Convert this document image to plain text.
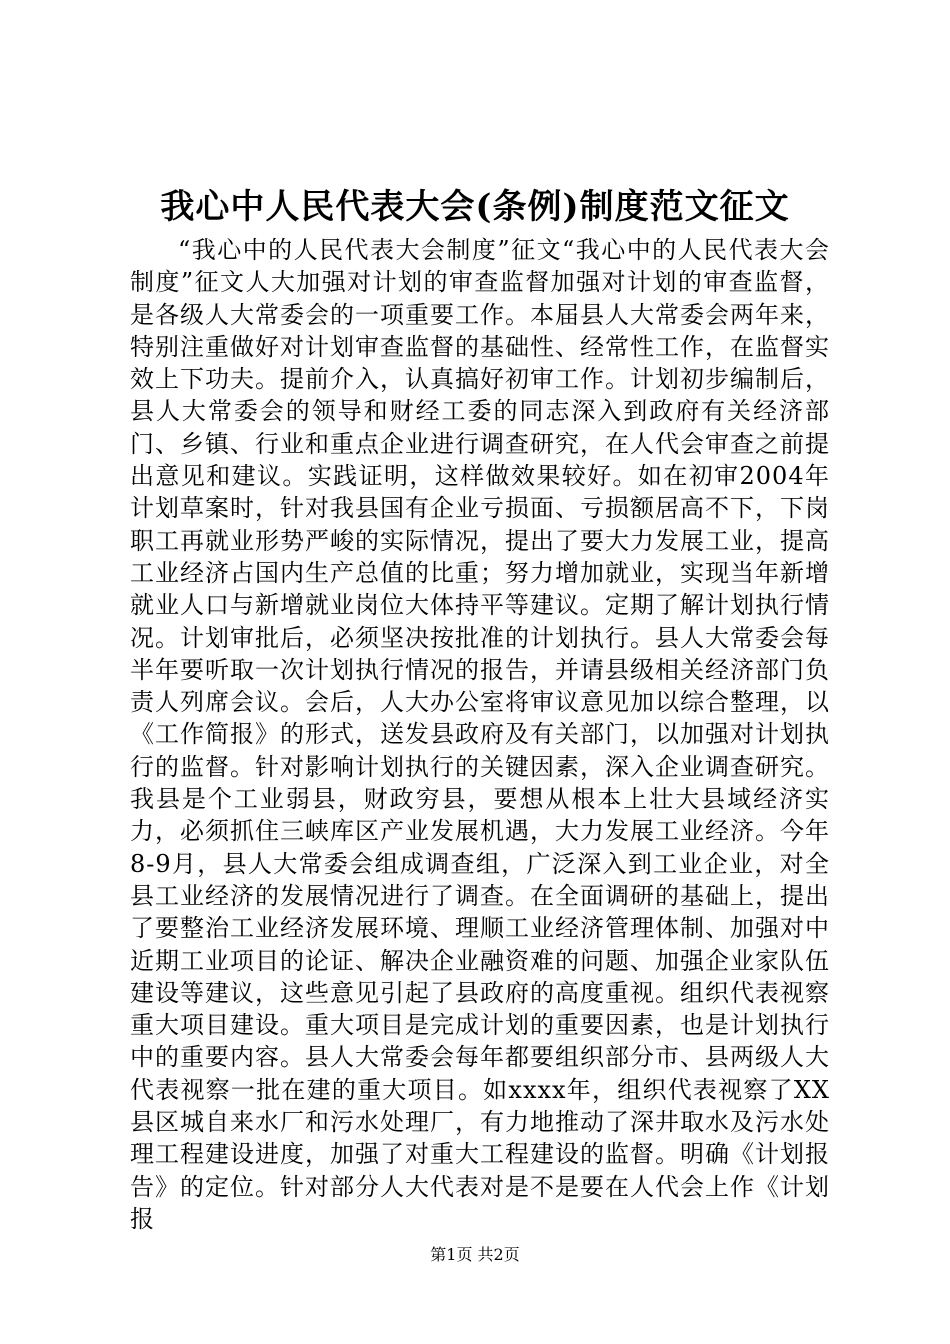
我心中人民代表大会(条例)制度范文征文

“我心中的人民代表大会制度”征文“我心中的人民代表大会制度”征文人大加强对计划的审查监督加强对计划的审查监督，是各级人大常委会的一项重要工作。本届县人大常委会两年来，特别注重做好对计划审查监督的基础性、经常性工作，在监督实效上下功夫。提前介入，认真搞好初审工作。计划初步编制后，县人大常委会的领导和财经工委的同志深入到政府有关经济部门、乡镇、行业和重点企业进行调查研究，在人代会审查之前提出意见和建议。实践证明，这样做效果较好。如在初审2004年计划草案时，针对我县国有企业亏损面、亏损额居高不下，下岗职工再就业形势严峻的实际情况，提出了要大力发展工业，提高工业经济占国内生产总值的比重；努力增加就业，实现当年新增就业人口与新增就业岗位大体持平等建议。定期了解计划执行情况。计划审批后，必须坚决按批准的计划执行。县人大常委会每半年要听取一次计划执行情况的报告，并请县级相关经济部门负责人列席会议。会后，人大办公室将审议意见加以综合整理，以《工作简报》的形式，送发县政府及有关部门，以加强对计划执行的监督。针对影响计划执行的关键因素，深入企业调查研究。我县是个工业弱县，财政穷县，要想从根本上壮大县域经济实力，必须抓住三峡库区产业发展机遇，大力发展工业经济。今年8-9月，县人大常委会组成调查组，广泛深入到工业企业，对全县工业经济的发展情况进行了调查。在全面调研的基础上，提出了要整治工业经济发展环境、理顺工业经济管理体制、加强对中近期工业项目的论证、解决企业融资难的问题、加强企业家队伍建设等建议，这些意见引起了县政府的高度重视。组织代表视察重大项目建设。重大项目是完成计划的重要因素，也是计划执行中的重要内容。县人大常委会每年都要组织部分市、县两级人大代表视察一批在建的重大项目。如xxxx年，组织代表视察了XX县区城自来水厂和污水处理厂，有力地推动了深井取水及污水处理工程建设进度，加强了对重大工程建设的监督。明确《计划报告》的定位。针对部分人大代表对是不是要在人代会上作《计划报

第1页 共2页
